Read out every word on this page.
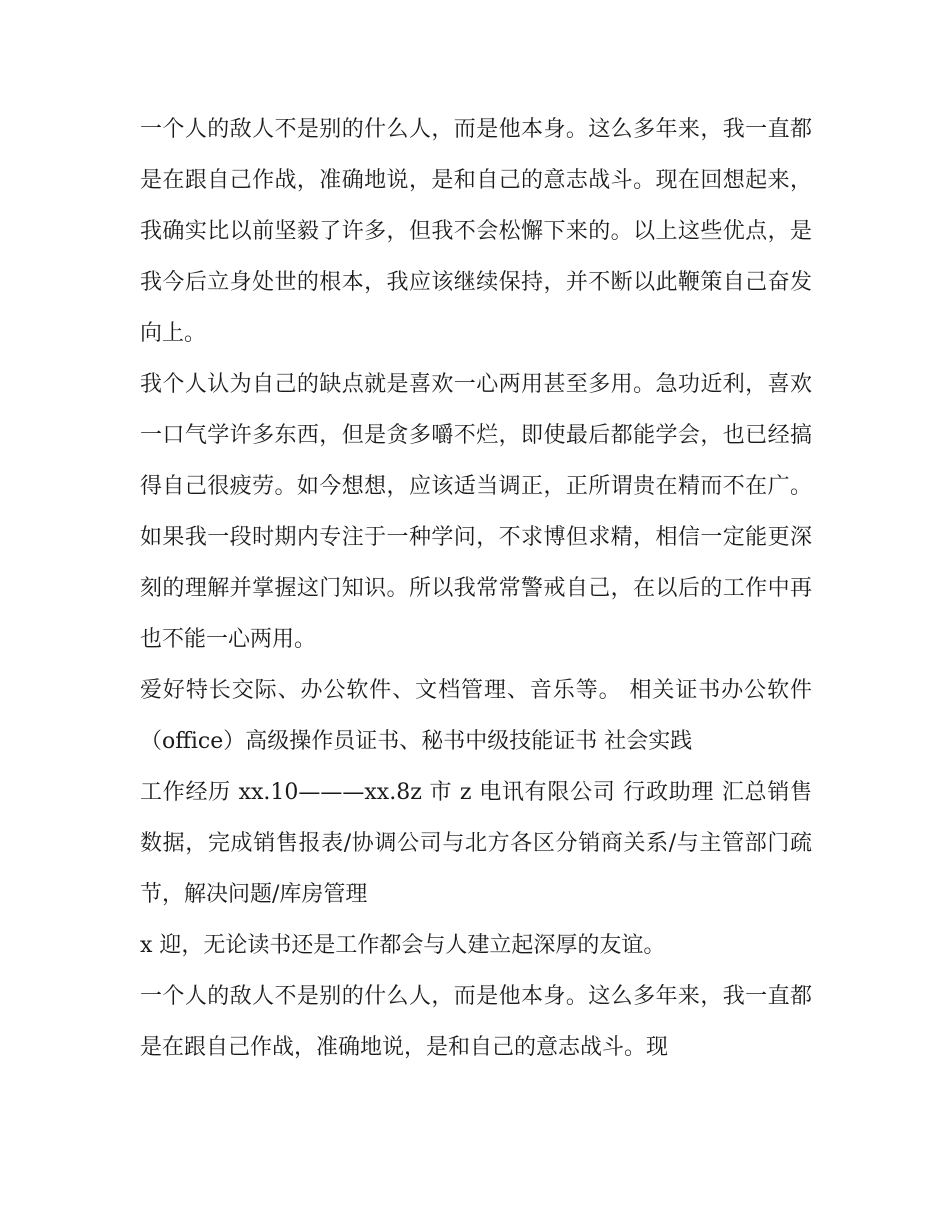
一个人的敌人不是别的什么人，而是他本身。这么多年来，我一直都是在跟自己作战，准确地说，是和自己的意志战斗。现在回想起来，我确实比以前坚毅了许多，但我不会松懈下来的。以上这些优点，是我今后立身处世的根本，我应该继续保持，并不断以此鞭策自己奋发向上。

我个人认为自己的缺点就是喜欢一心两用甚至多用。急功近利，喜欢一口气学许多东西，但是贪多嚼不烂，即使最后都能学会，也已经搞得自己很疲劳。如今想想，应该适当调正，正所谓贵在精而不在广。如果我一段时期内专注于一种学问，不求博但求精，相信一定能更深刻的理解并掌握这门知识。所以我常常警戒自己，在以后的工作中再也不能一心两用。

爱好特长交际、办公软件、文档管理、音乐等。 相关证书办公软件（office）高级操作员证书、秘书中级技能证书 社会实践

工作经历 xx.10———xx.8z 市 z 电讯有限公司 行政助理 汇总销售数据，完成销售报表/协调公司与北方各区分销商关系/与主管部门疏节，解决问题/库房管理

x 迎，无论读书还是工作都会与人建立起深厚的友谊。

一个人的敌人不是别的什么人，而是他本身。这么多年来，我一直都是在跟自己作战，准确地说，是和自己的意志战斗。现
